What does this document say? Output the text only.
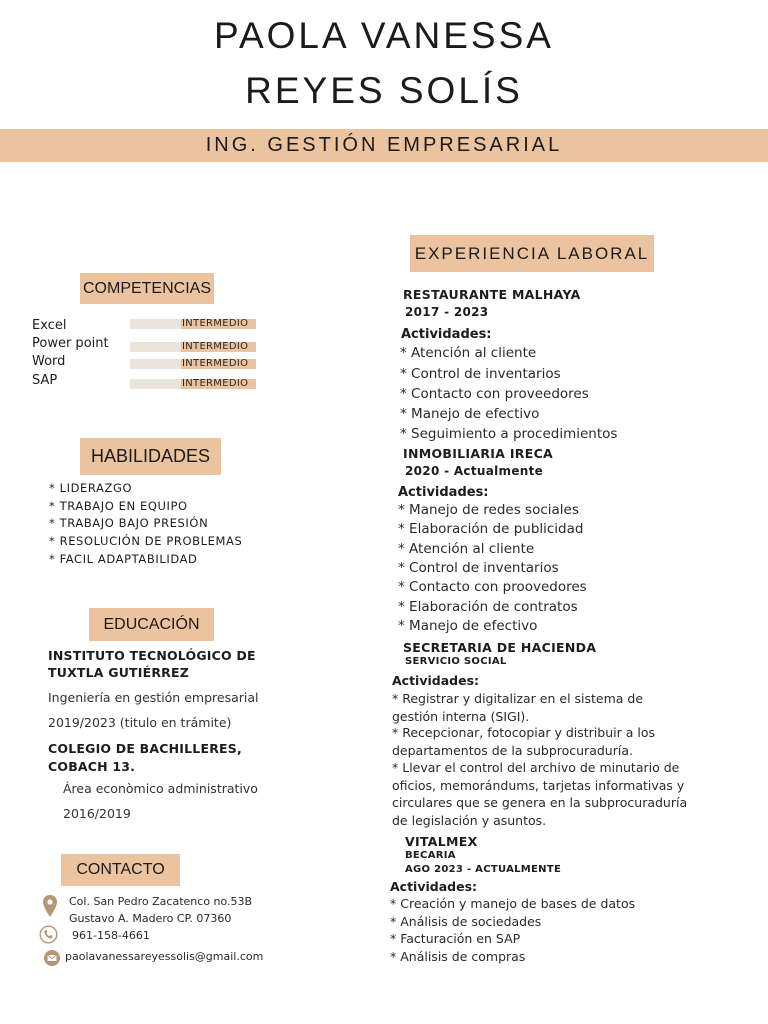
PAOLA VANESSA
REYES SOLÍS
ING. GESTIÓN EMPRESARIAL
COMPETENCIAS
Excel
Power point
Word
SAP
INTERMEDIO
INTERMEDIO
INTERMEDIO
INTERMEDIO
HABILIDADES
* LIDERAZGO
* TRABAJO EN EQUIPO
* TRABAJO BAJO PRESIÓN
* RESOLUCIÓN DE PROBLEMAS
* FACIL ADAPTABILIDAD
EDUCACIÓN
INSTITUTO TECNOLÓGICO DE
TUXTLA GUTIÉRREZ
Ingeniería en gestión empresarial
2019/2023 (titulo en trámite)
COLEGIO DE BACHILLERES,
COBACH 13.
Área econòmico administrativo
2016/2019
CONTACTO
Col. San Pedro Zacatenco no.53B
Gustavo A. Madero CP. 07360
961-158-4661
paolavanessareyessolis@gmail.com
EXPERIENCIA LABORAL
RESTAURANTE MALHAYA
2017 - 2023
Actividades:
* Atención al cliente
* Control de inventarios
* Contacto con proveedores
* Manejo de efectivo
* Seguimiento a procedimientos
INMOBILIARIA IRECA
2020 - Actualmente
Actividades:
* Manejo de redes sociales
* Elaboración de publicidad
* Atención al cliente
* Control de inventarios
* Contacto con proovedores
* Elaboración de contratos
* Manejo de efectivo
SECRETARIA DE HACIENDA
SERVICIO SOCIAL
Actividades:
* Registrar y digitalizar en el sistema de gestión interna (SIGI).
* Recepcionar, fotocopiar y distribuir a los departamentos de la subprocuraduría.
* Llevar el control del archivo de minutario de oficios, memorándums, tarjetas informativas y circulares que se genera en la subprocuraduría de legislación y asuntos.
VITALMEX
BECARIA
AGO 2023 - ACTUALMENTE
Actividades:
* Creación y manejo de bases de datos
* Análisis de sociedades
* Facturación en SAP
* Análisis de compras
